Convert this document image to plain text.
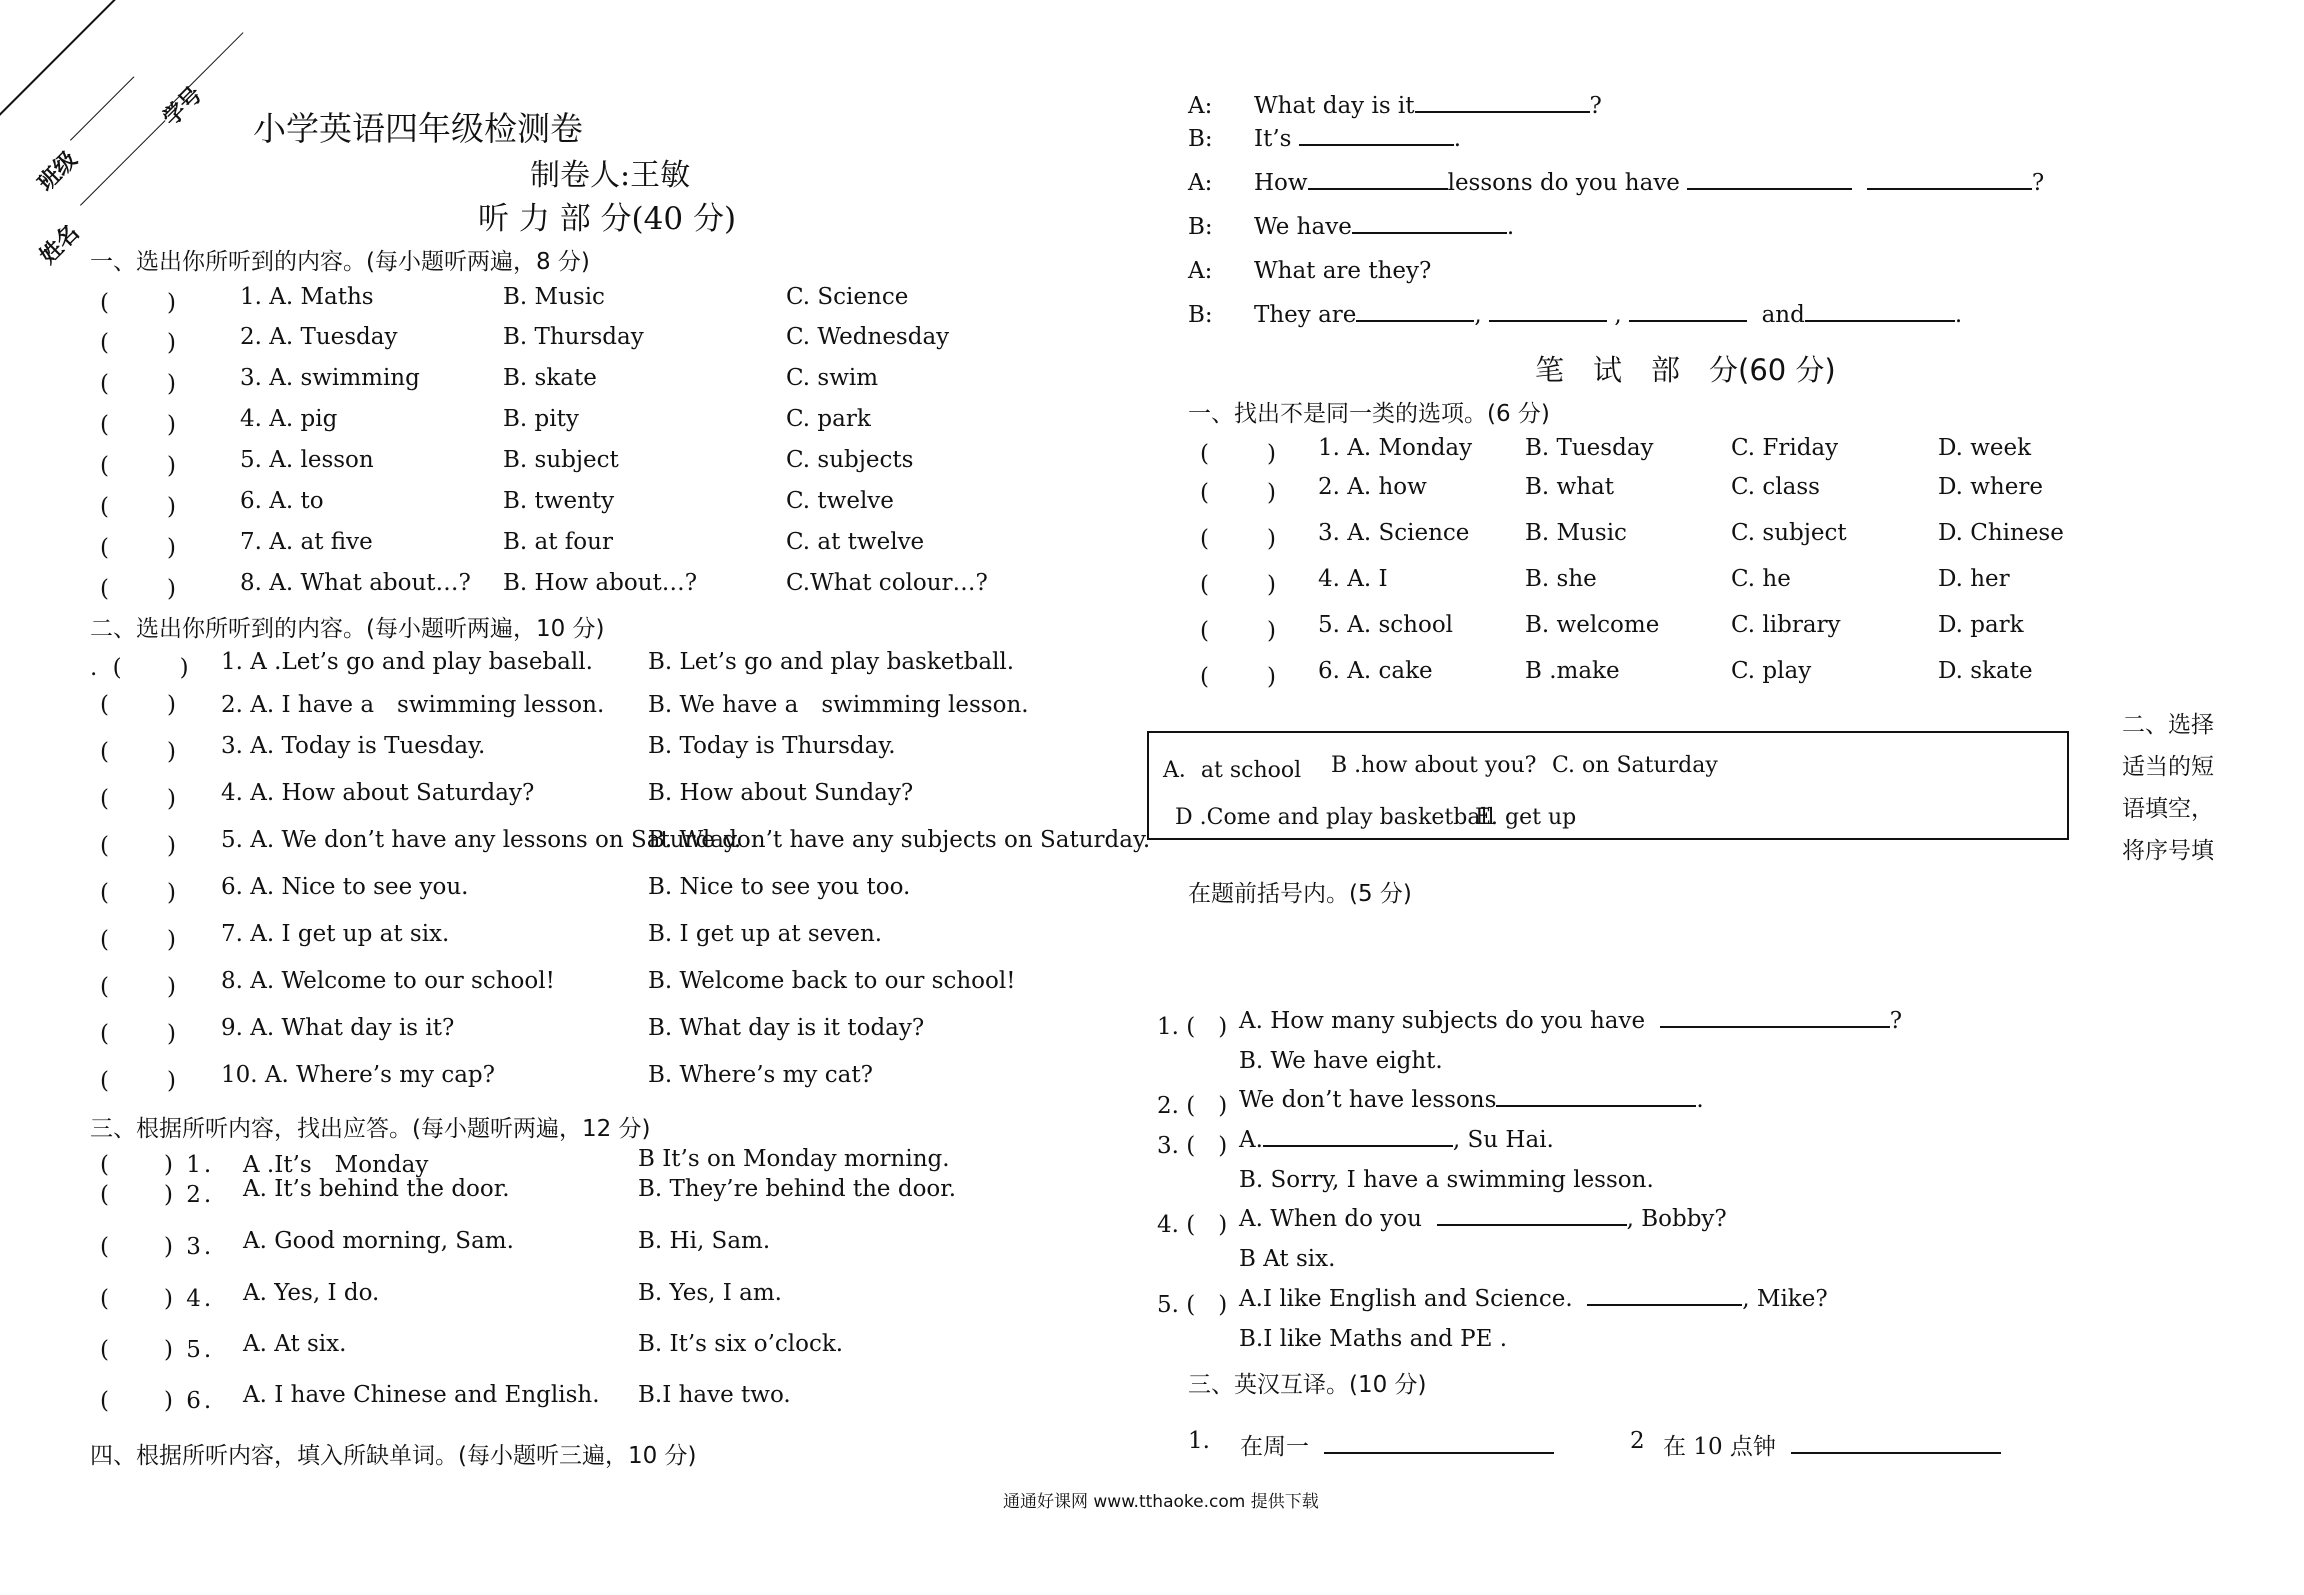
班级
学号
姓名
小学英语四年级检测卷
制卷人:王敏
听 力 部 分(40 分)
一、选出你所听到的内容。(每小题听两遍，8 分)
(　　)	1. A. Maths	B. Music	C. Science
(　　)	2. A. Tuesday	B. Thursday	C. Wednesday
(　　)	3. A. swimming	B. skate	C. swim
(　　)	4. A. pig	B. pity	C. park
(　　)	5. A. lesson	B. subject	C. subjects
(　　)	6. A. to	B. twenty	C. twelve
(　　)	7. A. at five	B. at four	C. at twelve
(　　)	8. A. What about…? B. How about…?	C.What colour…?
二、选出你所听到的内容。(每小题听两遍，10 分)
. (　　) 1. A .Let’s go and play baseball. B. Let’s go and play basketball.
(　　) 2. A. I have a　swimming lesson. B. We have a　swimming lesson.
(　　) 3. A. Today is Tuesday.	B. Today is Thursday.
(　　) 4. A. How about Saturday?	B. How about Sunday?
(　　) 5. A. We don’t have any lessons on Saturday.
B. We don’t have any subjects on Saturday.
(　　) 6. A. Nice to see you.	B. Nice to see you too.
(　　) 7. A. I get up at six.	B. I get up at seven.
(　　) 8. A. Welcome to our school!	B. Welcome back to our school!
(　　) 9. A. What day is it?	B. What day is it today?
(　　) 10. A. Where’s my cap?	B. Where’s my cat?
三、根据所听内容，找出应答。(每小题听两遍，12 分)
(　　) 1. A .It’s　Monday	B It’s on Monday morning.
(　　) 2. A. It’s behind the door.	B. They’re behind the door.
(　　) 3. A. Good morning, Sam.	B. Hi, Sam.
(　　) 4. A. Yes, I do.	B. Yes, I am.
(　　) 5. A. At six.	B. It’s six o’clock.
(　　) 6. A. I have Chinese and English. B.I have two.
四、根据所听内容，填入所缺单词。(每小题听三遍，10 分)
A: What day is it	?
B: It’s	.
A: How	lessons do you have	?
B: We have	.
A: What are they?
B: They are	,	,	and	.
笔　试　部　分(60 分)
一、找出不是同一类的选项。(6 分)
(　　) 1. A. Monday B. Tuesday	C. Friday	D. week
(　　) 2. A. how	B. what	C. class	D. where
(　　) 3. A. Science B. Music	C. subject	D. Chinese
(　　) 4. A. I	B. she	C. he	D. her
(　　) 5. A. school	B. welcome	C. library	D. park
(　　) 6. A. cake	B .make	C. play	D. skate
A．at school B .how about you? C. on Saturday
D .Come and play basketball
E. get up
二、选择
适当的短
语填空，
将序号填
在题前括号内。(5 分)
1. (　) A. How many subjects do you have	?
B. We have eight.
2. (　) We don’t have lessons	.
3. (　) A.	, Su Hai.
B. Sorry, I have a swimming lesson.
4. (　) A. When do you	, Bobby?
B At six.
5. (　) A.I like English and Science.	, Mike?
B.I like Maths and PE .
三、英汉互译。(10 分)
1. 在周一	2 在 10 点钟
通通好课网 www.tthaoke.com 提供下载
